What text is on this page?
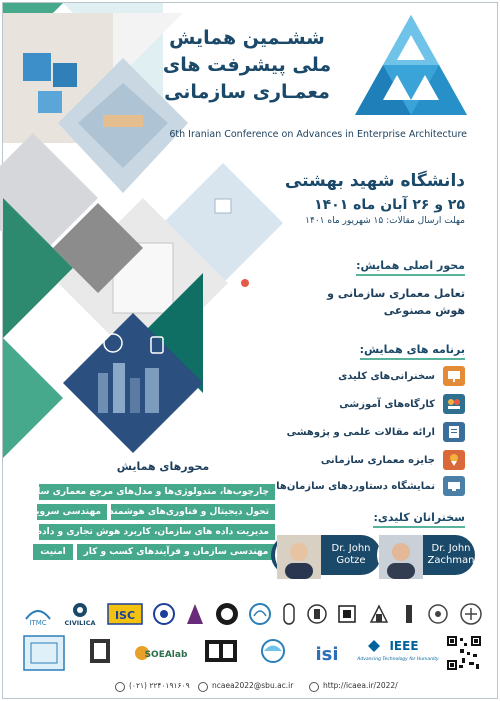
ششـمین همایش
ملی پیشرفت های
معمـاری سازمانی
6th Iranian Conference on Advances in Enterprise Architecture
دانشگاه شهید بهشتی
۲۵ و ۲۶ آبان ماه ۱۴۰۱
مهلت ارسال مقالات: ۱۵ شهریور ماه ۱۴۰۱
محور اصلی همایش:
تعامل معماری سازمانی و هوش مصنوعی
برنامه های همایش:
سخنرانی‌های کلیدی
کارگاه‌های آموزشی
ارائه مقالات علمی و پژوهشی
جایزه معماری سازمانی
نمایشگاه دستاوردهای سازمان‌ها
محورهای همایش
چارچوب‌ها، متدولوژی‌ها و مدل‌های مرجع معماری سازمانی
تحول دیجیتال و فناوری‌های هوشمند
مهندسی سرویس
مدیریت داده های سازمان، کاربرد هوش تجاری و داده کاوی
امنیت	مهندسی سازمان و فرآیندهای کسب و کار
سخنرانان کلیدی:
Dr. John
Gotze
Dr. John
Zachman
ITMC	CIVILICA
ISC
SOEAlab	isi	IEEE
Advancing Technology for Humanity
(۰۲۱) ۲۲۴۰۱۹۱۶۰۹	ncaea2022@sbu.ac.ir	http://icaea.ir/2022/
